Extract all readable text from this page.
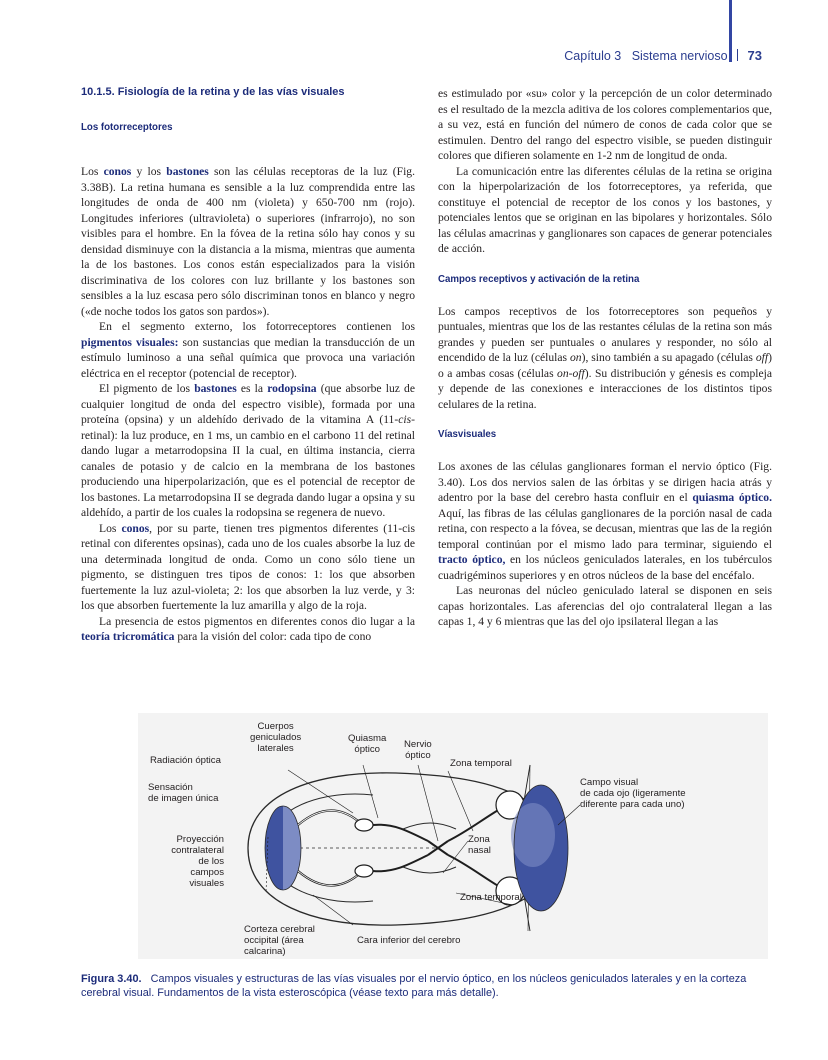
Capítulo 3 Sistema nervioso 73
10.1.5. Fisiología de la retina y de las vías visuales
Los fotorreceptores

Los conos y los bastones son las células receptoras de la luz (Fig. 3.38B). La retina humana es sensible a la luz comprendida entre las longitudes de onda de 400 nm (violeta) y 650-700 nm (rojo). Longitudes inferiores (ultravioleta) o superiores (infrarrojo), no son visibles para el hombre. En la fóvea de la retina sólo hay conos y su densidad disminuye con la distancia a la misma, mientras que aumenta la de los bastones. Los conos están especializados para la visión discriminativa de los colores con luz brillante y los bastones son sensibles a la luz escasa pero sólo discriminan tonos en blanco y negro («de noche todos los gatos son pardos»).

En el segmento externo, los fotorreceptores contienen los pigmentos visuales: son sustancias que median la transducción de un estímulo luminoso a una señal química que provoca una variación eléctrica en el receptor (potencial de receptor).

El pigmento de los bastones es la rodopsina (que absorbe luz de cualquier longitud de onda del espectro visible), formada por una proteína (opsina) y un aldehído derivado de la vitamina A (11-cis-retinal): la luz produce, en 1 ms, un cambio en el carbono 11 del retinal dando lugar a metarrodopsina II la cual, en última instancia, cierra canales de potasio y de calcio en la membrana de los bastones produciendo una hiperpolarización, que es el potencial de receptor de los bastones. La metarrodopsina II se degrada dando lugar a opsina y su aldehído, a partir de los cuales la rodopsina se regenera de nuevo.

Los conos, por su parte, tienen tres pigmentos diferentes (11-cis retinal con diferentes opsinas), cada uno de los cuales absorbe la luz de una determinada longitud de onda. Como un cono sólo tiene un pigmento, se distinguen tres tipos de conos: 1: los que absorben fuertemente la luz azul-violeta; 2: los que absorben la luz verde, y 3: los que absorben fuertemente la luz amarilla y algo de la roja.

La presencia de estos pigmentos en diferentes conos dio lugar a la teoría tricromática para la visión del color: cada tipo de cono

es estimulado por «su» color y la percepción de un color determinado es el resultado de la mezcla aditiva de los colores complementarios que, a su vez, está en función del número de conos de cada color que se estimulen. Dentro del rango del espectro visible, se pueden distinguir colores que difieren solamente en 1-2 nm de longitud de onda.

La comunicación entre las diferentes células de la retina se origina con la hiperpolarización de los fotorreceptores, ya referida, que constituye el potencial de receptor de los conos y los bastones, y potenciales lentos que se originan en las bipolares y horizontales. Sólo las células amacrinas y ganglionares son capaces de generar potenciales de acción.

Campos receptivos y activación de la retina

Los campos receptivos de los fotorreceptores son pequeños y puntuales, mientras que los de las restantes células de la retina son más grandes y pueden ser puntuales o anulares y responder, no sólo al encendido de la luz (células on), sino también a su apagado (células off) o a ambas cosas (células on-off). Su distribución y génesis es compleja y depende de las conexiones e interacciones de los distintos tipos celulares de la retina.

Víasvisuales

Los axones de las células ganglionares forman el nervio óptico (Fig. 3.40). Los dos nervios salen de las órbitas y se dirigen hacia atrás y adentro por la base del cerebro hasta confluir en el quiasma óptico. Aquí, las fibras de las células ganglionares de la porción nasal de cada retina, con respecto a la fóvea, se decusan, mientras que las de la región temporal continúan por el mismo lado para terminar, siguiendo el tracto óptico, en los núcleos geniculados laterales, en los tubérculos cuadrigéminos superiores y en otros núcleos de la base del encéfalo.

Las neuronas del núcleo geniculado lateral se disponen en seis capas horizontales. Las aferencias del ojo contralateral llegan a las capas 1, 4 y 6 mientras que las del ojo ipsilateral llegan a las

Cuerpos
geniculados
laterales
Quiasma
óptico	Nervio
óptico
Radiación óptica	Zona temporal
Sensación
de imagen única
Campo visual
de cada ojo (ligeramente
diferente para cada uno)
Proyección
contralateral
de los
campos
visuales
Zona
nasal
Zona temporal
Corteza cerebral
occipital (área
calcarina)
Cara inferior del cerebro
Figura 3.40. Campos visuales y estructuras de las vías visuales por el nervio óptico, en los núcleos geniculados laterales y en la corteza cerebral visual. Fundamentos de la vista esteroscópica (véase texto para más detalle).
